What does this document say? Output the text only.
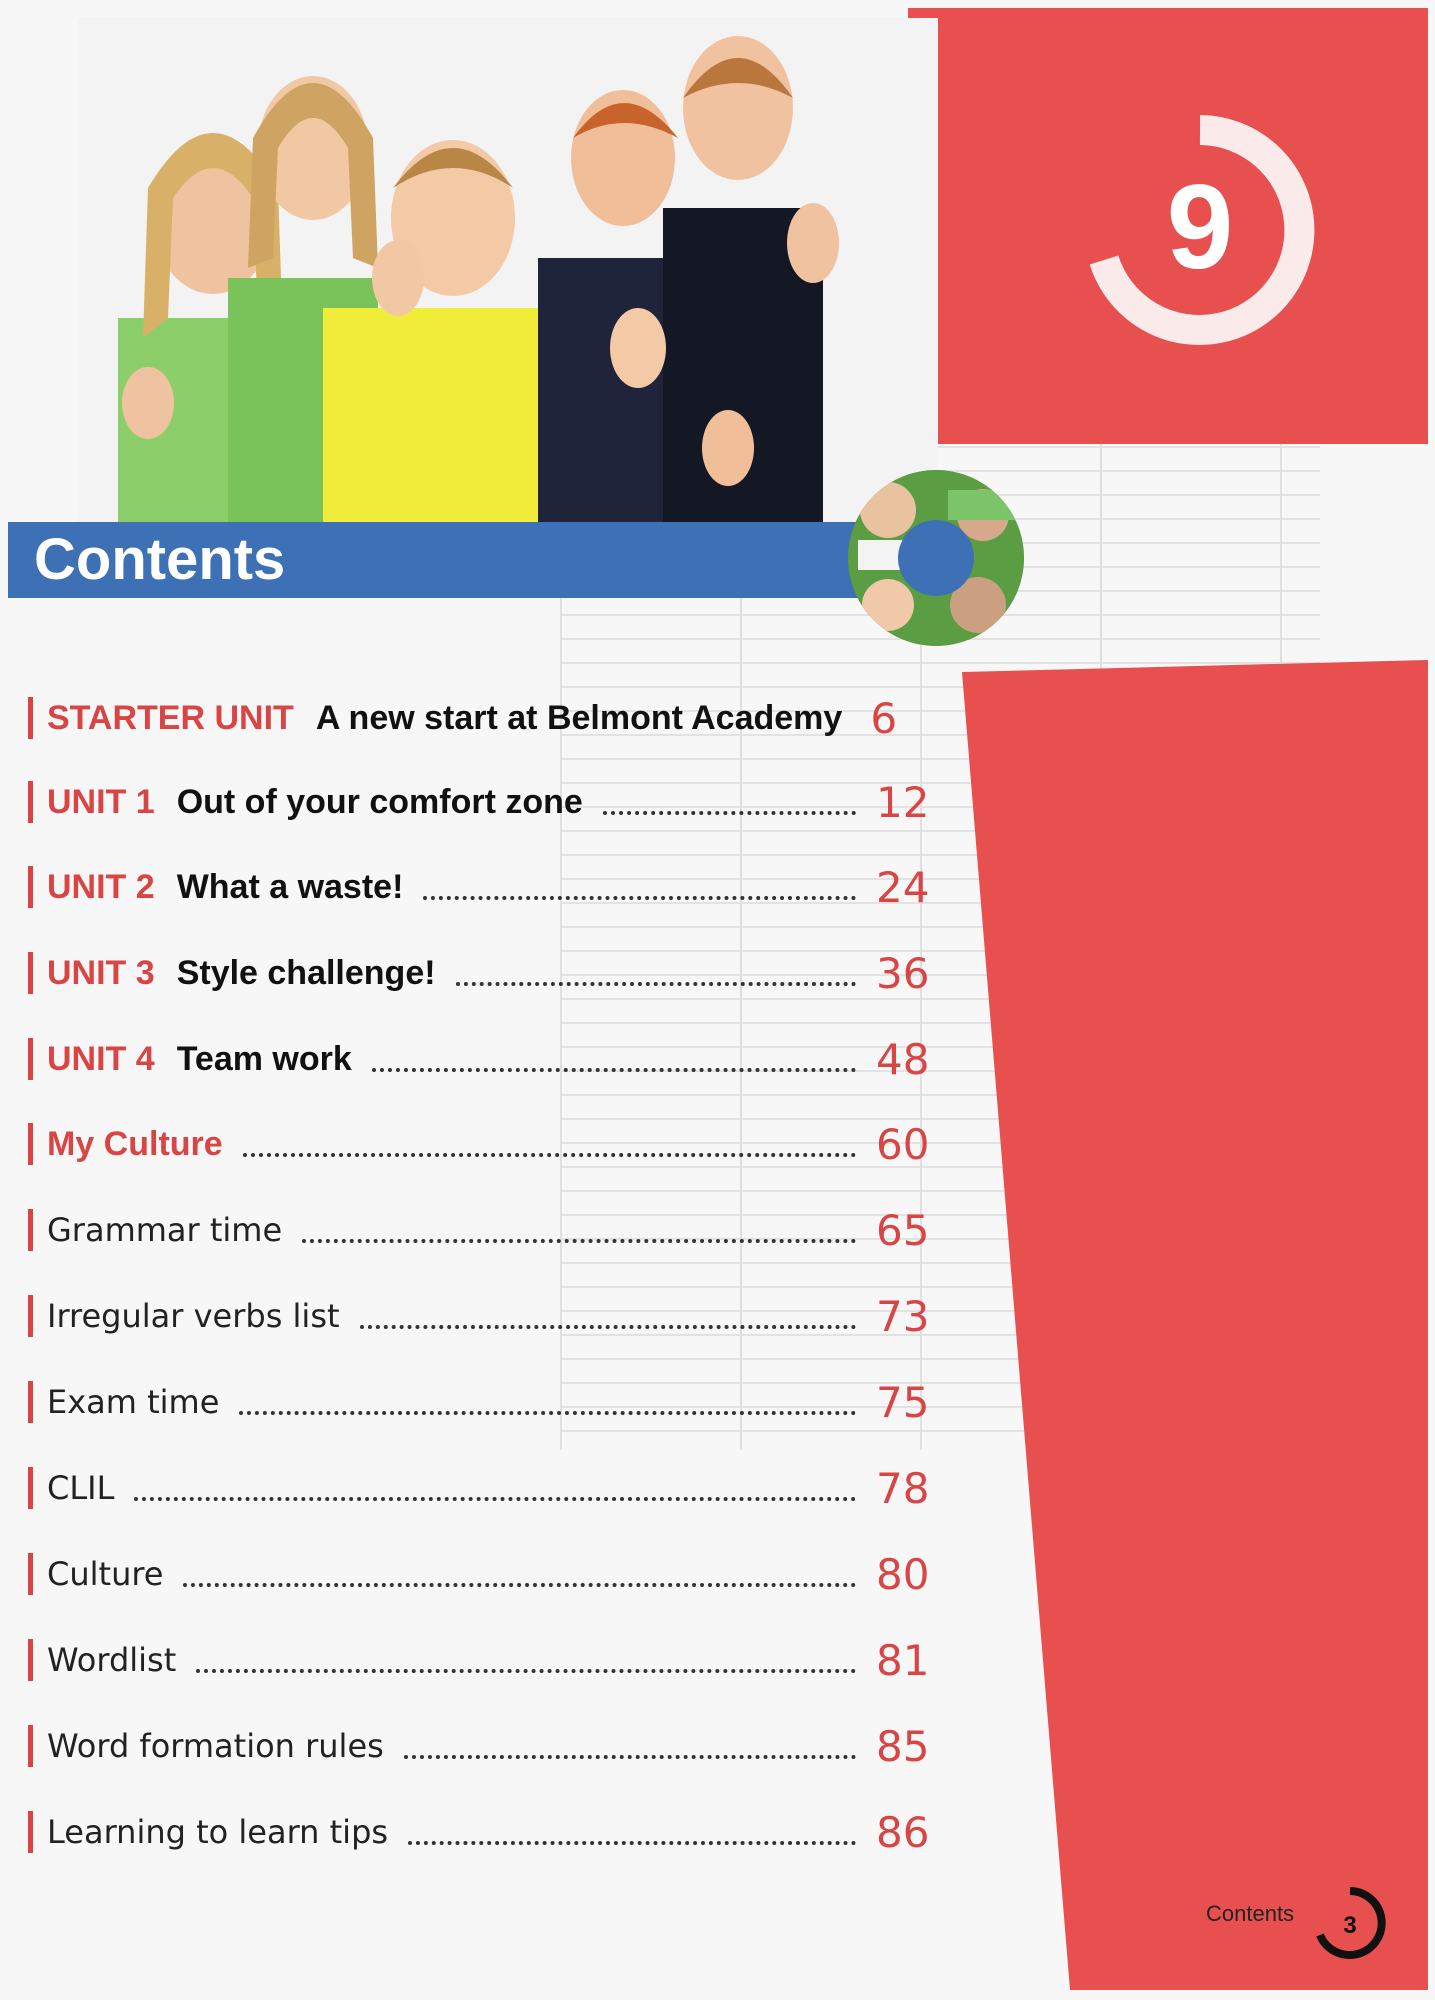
9
Contents
STARTER UNIT A new start at Belmont Academy 6
UNIT 1 Out of your comfort zone	12
UNIT 2 What a waste!	24
UNIT 3 Style challenge!	36
UNIT 4 Team work	48
My Culture	60
Grammar time	65
Irregular verbs list	73
Exam time	75
CLIL	78
Culture	80
Wordlist	81
Word formation rules	85
Learning to learn tips	86
Contents 3
